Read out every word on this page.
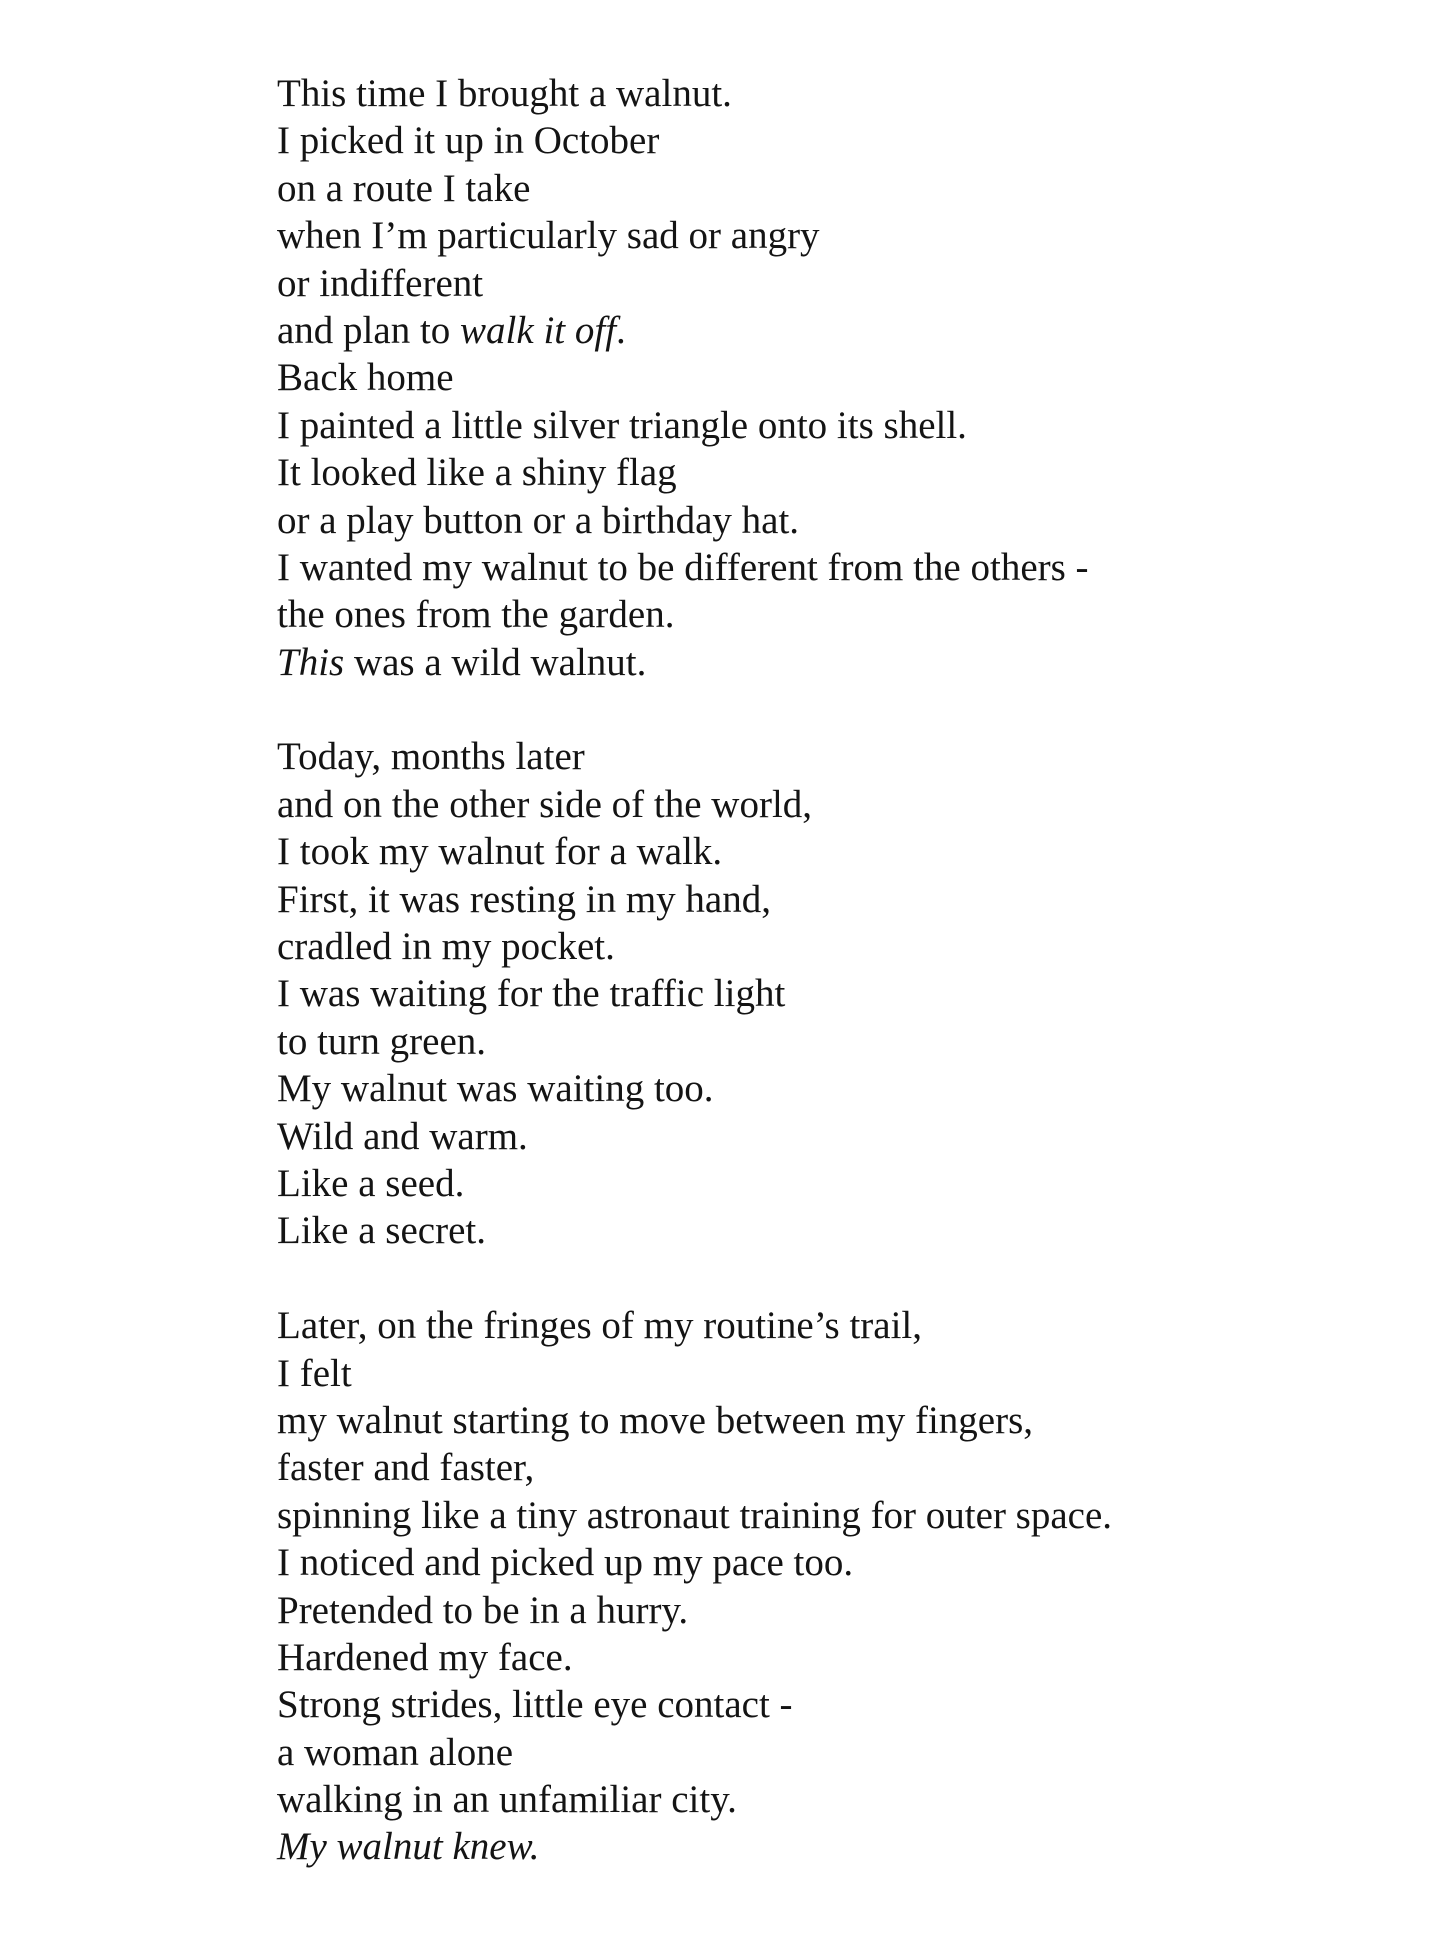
This time I brought a walnut.
I picked it up in October
on a route I take
when I’m particularly sad or angry
or indifferent
and plan to walk it off.
Back home
I painted a little silver triangle onto its shell.
It looked like a shiny flag
or a play button or a birthday hat.
I wanted my walnut to be different from the others -
the ones from the garden.
This was a wild walnut.
Today, months later
and on the other side of the world,
I took my walnut for a walk.
First, it was resting in my hand,
cradled in my pocket.
I was waiting for the traffic light
to turn green.
My walnut was waiting too.
Wild and warm.
Like a seed.
Like a secret.
Later, on the fringes of my routine’s trail,
I felt
my walnut starting to move between my fingers,
faster and faster,
spinning like a tiny astronaut training for outer space.
I noticed and picked up my pace too.
Pretended to be in a hurry.
Hardened my face.
Strong strides, little eye contact -
a woman alone
walking in an unfamiliar city.
My walnut knew.
